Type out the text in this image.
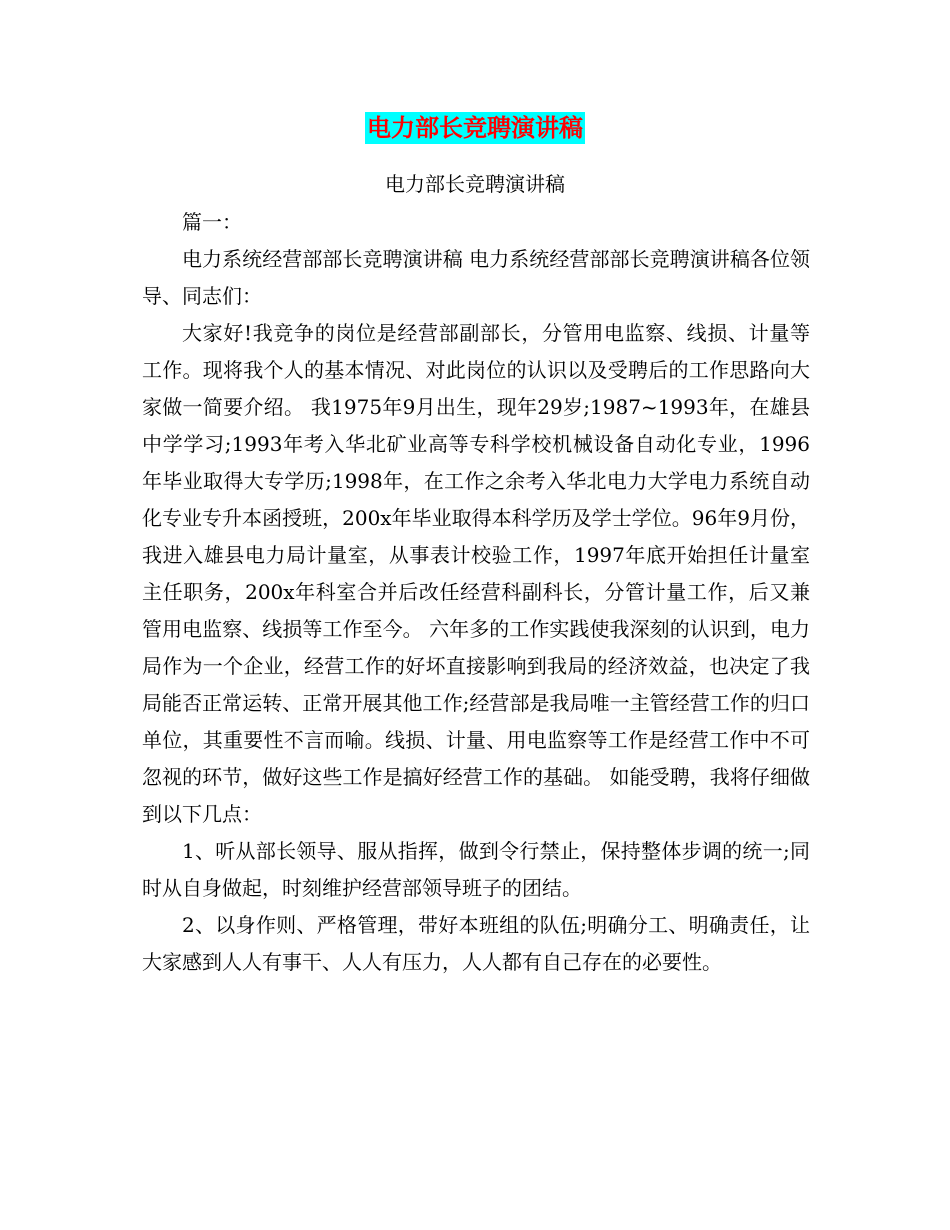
电力部长竞聘演讲稿
电力部长竞聘演讲稿

篇一：

电力系统经营部部长竞聘演讲稿 电力系统经营部部长竞聘演讲稿各位领导、同志们：

大家好!我竞争的岗位是经营部副部长，分管用电监察、线损、计量等工作。现将我个人的基本情况、对此岗位的认识以及受聘后的工作思路向大家做一简要介绍。 我1975年9月出生，现年29岁;1987~1993年，在雄县中学学习;1993年考入华北矿业高等专科学校机械设备自动化专业，1996年毕业取得大专学历;1998年，在工作之余考入华北电力大学电力系统自动化专业专升本函授班，200x年毕业取得本科学历及学士学位。96年9月份，我进入雄县电力局计量室，从事表计校验工作，1997年底开始担任计量室主任职务，200x年科室合并后改任经营科副科长，分管计量工作，后又兼管用电监察、线损等工作至今。 六年多的工作实践使我深刻的认识到，电力局作为一个企业，经营工作的好坏直接影响到我局的经济效益，也决定了我局能否正常运转、正常开展其他工作;经营部是我局唯一主管经营工作的归口单位，其重要性不言而喻。线损、计量、用电监察等工作是经营工作中不可忽视的环节，做好这些工作是搞好经营工作的基础。 如能受聘，我将仔细做到以下几点：

1、听从部长领导、服从指挥，做到令行禁止，保持整体步调的统一;同时从自身做起，时刻维护经营部领导班子的团结。

2、以身作则、严格管理，带好本班组的队伍;明确分工、明确责任，让大家感到人人有事干、人人有压力，人人都有自己存在的必要性。
